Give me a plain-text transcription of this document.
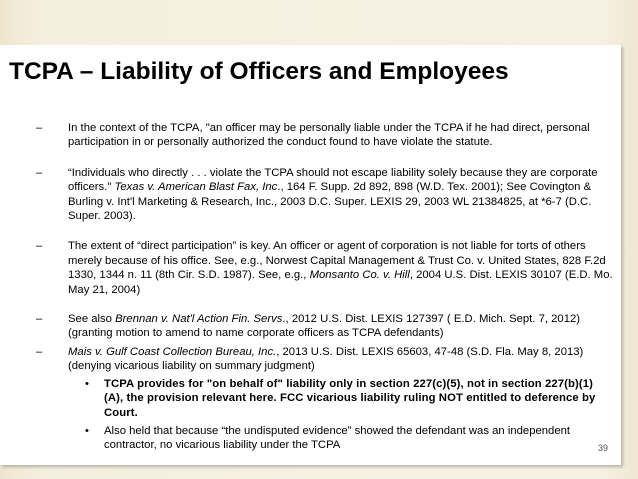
TCPA – Liability of Officers and Employees
– In the context of the TCPA, "an officer may be personally liable under the TCPA if he had direct, personal participation in or personally authorized the conduct found to have violate the statute.
– “Individuals who directly . . . violate the TCPA should not escape liability solely because they are corporate officers." Texas v. American Blast Fax, Inc., 164 F. Supp. 2d 892, 898 (W.D. Tex. 2001); See Covington & Burling v. Int'l Marketing & Research, Inc., 2003 D.C. Super. LEXIS 29, 2003 WL 21384825, at *6-7 (D.C. Super. 2003).
– The extent of “direct participation” is key. An officer or agent of corporation is not liable for torts of others merely because of his office. See, e.g., Norwest Capital Management & Trust Co. v. United States, 828 F.2d 1330, 1344 n. 11 (8th Cir. S.D. 1987). See, e.g., Monsanto Co. v. Hill, 2004 U.S. Dist. LEXIS 30107 (E.D. Mo. May 21, 2004)
– See also Brennan v. Nat'l Action Fin. Servs., 2012 U.S. Dist. LEXIS 127397 ( E.D. Mich. Sept. 7, 2012)(granting motion to amend to name corporate officers as TCPA defendants)
– Mais v. Gulf Coast Collection Bureau, Inc., 2013 U.S. Dist. LEXIS 65603, 47-48 (S.D. Fla. May 8, 2013)(denying vicarious liability on summary judgment)
• TCPA provides for "on behalf of" liability only in section 227(c)(5), not in section 227(b)(1)(A), the provision relevant here. FCC vicarious liability ruling NOT entitled to deference by Court.
• Also held that because “the undisputed evidence” showed the defendant was an independent contractor, no vicarious liability under the TCPA	39
